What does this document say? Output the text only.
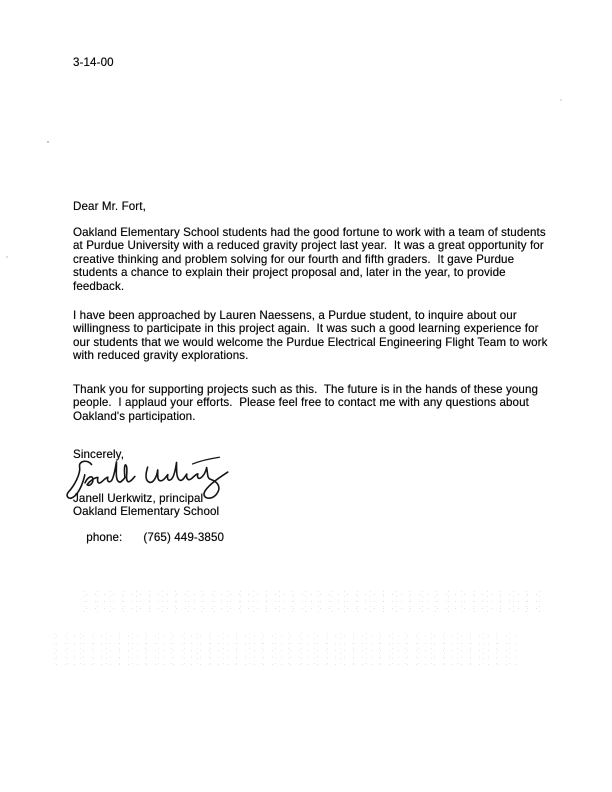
3-14-00
Dear Mr. Fort,
Oakland Elementary School students had the good fortune to work with a team of students at Purdue University with a reduced gravity project last year.  It was a great opportunity for creative thinking and problem solving for our fourth and fifth graders.  It gave Purdue students a chance to explain their project proposal and, later in the year, to provide feedback.
I have been approached by Lauren Naessens, a Purdue student, to inquire about our willingness to participate in this project again.  It was such a good learning experience for our students that we would welcome the Purdue Electrical Engineering Flight Team to work with reduced gravity explorations.
Thank you for supporting projects such as this.  The future is in the hands of these young people.  I applaud your efforts.  Please feel free to contact me with any questions about Oakland's participation.
Sincerely,
Janell Uerkwitz, principal
Oakland Elementary School

phone: (765) 449-3850
